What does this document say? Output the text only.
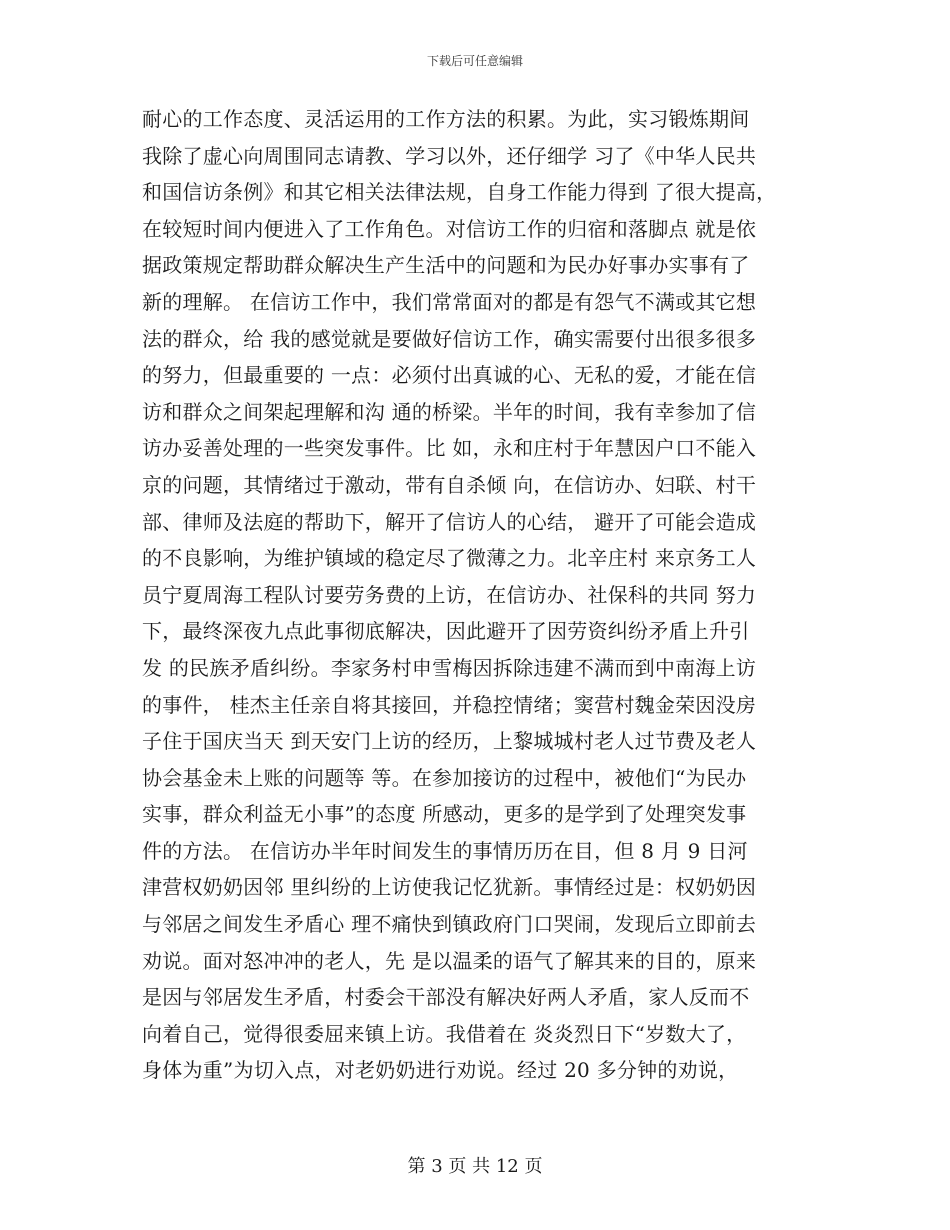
下载后可任意编辑
耐心的工作态度、灵活运用的工作方法的积累。为此，实习锻炼期间
我除了虚心向周围同志请教、学习以外，还仔细学 习了《中华人民共
和国信访条例》和其它相关法律法规，自身工作能力得到 了很大提高，
在较短时间内便进入了工作角色。对信访工作的归宿和落脚点 就是依
据政策规定帮助群众解决生产生活中的问题和为民办好事办实事有了
新的理解。 在信访工作中，我们常常面对的都是有怨气不满或其它想
法的群众，给 我的感觉就是要做好信访工作，确实需要付出很多很多
的努力，但最重要的 一点：必须付出真诚的心、无私的爱，才能在信
访和群众之间架起理解和沟 通的桥梁。半年的时间，我有幸参加了信
访办妥善处理的一些突发事件。比 如，永和庄村于年慧因户口不能入
京的问题，其情绪过于激动，带有自杀倾 向，在信访办、妇联、村干
部、律师及法庭的帮助下，解开了信访人的心结， 避开了可能会造成
的不良影响，为维护镇域的稳定尽了微薄之力。北辛庄村 来京务工人
员宁夏周海工程队讨要劳务费的上访，在信访办、社保科的共同 努力
下，最终深夜九点此事彻底解决，因此避开了因劳资纠纷矛盾上升引
发 的民族矛盾纠纷。李家务村申雪梅因拆除违建不满而到中南海上访
的事件， 桂杰主任亲自将其接回，并稳控情绪；窦营村魏金荣因没房
子住于国庆当天 到天安门上访的经历，上黎城城村老人过节费及老人
协会基金未上账的问题等 等。在参加接访的过程中，被他们“为民办
实事，群众利益无小事”的态度 所感动，更多的是学到了处理突发事
件的方法。 在信访办半年时间发生的事情历历在目，但 8 月 9 日河
津营权奶奶因邻 里纠纷的上访使我记忆犹新。事情经过是：权奶奶因
与邻居之间发生矛盾心 理不痛快到镇政府门口哭闹，发现后立即前去
劝说。面对怒冲冲的老人，先 是以温柔的语气了解其来的目的，原来
是因与邻居发生矛盾，村委会干部没有解决好两人矛盾，家人反而不
向着自己，觉得很委屈来镇上访。我借着在 炎炎烈日下“岁数大了，
身体为重”为切入点，对老奶奶进行劝说。经过 20 多分钟的劝说，
第 3 页 共 12 页
